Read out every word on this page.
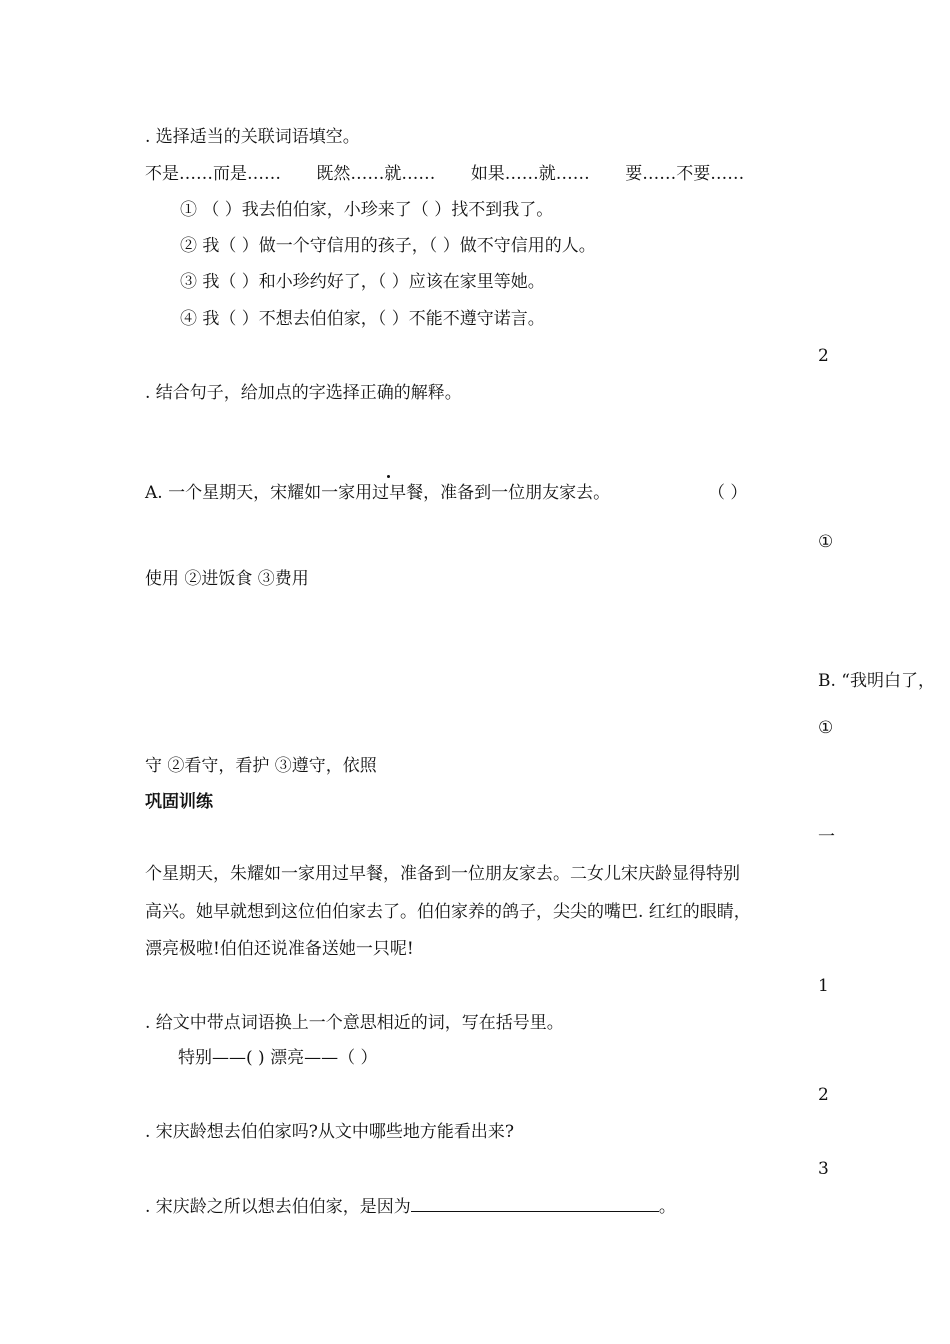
. 选择适当的关联词语填空。
不是……而是…… 既然……就…… 如果……就…… 要……不要……
① （ ）我去伯伯家，小珍来了（ ）找不到我了。
② 我（ ）做一个守信用的孩子，（ ）做不守信用的人。
③ 我（ ）和小珍约好了，（ ）应该在家里等她。
④ 我（ ）不想去伯伯家，（ ）不能不遵守诺言。
2
. 结合句子，给加点的字选择正确的解释。
A. 一个星期天，宋耀如一家用过早餐，准备到一位朋友家去。	（ ）
①
使用 ②进饭食 ③费用
B. “我明白了，
①
守 ②看守，看护 ③遵守，依照
巩固训练
一
个星期天，朱耀如一家用过早餐，准备到一位朋友家去。二女儿宋庆龄显得特别
高兴。她早就想到这位伯伯家去了。伯伯家养的鸽子，尖尖的嘴巴. 红红的眼睛，
漂亮极啦!伯伯还说准备送她一只呢!
1
. 给文中带点词语换上一个意思相近的词，写在括号里。
特别——( ) 漂亮——（ ）
2
. 宋庆龄想去伯伯家吗?从文中哪些地方能看出来?
3
. 宋庆龄之所以想去伯伯家，是因为	。
